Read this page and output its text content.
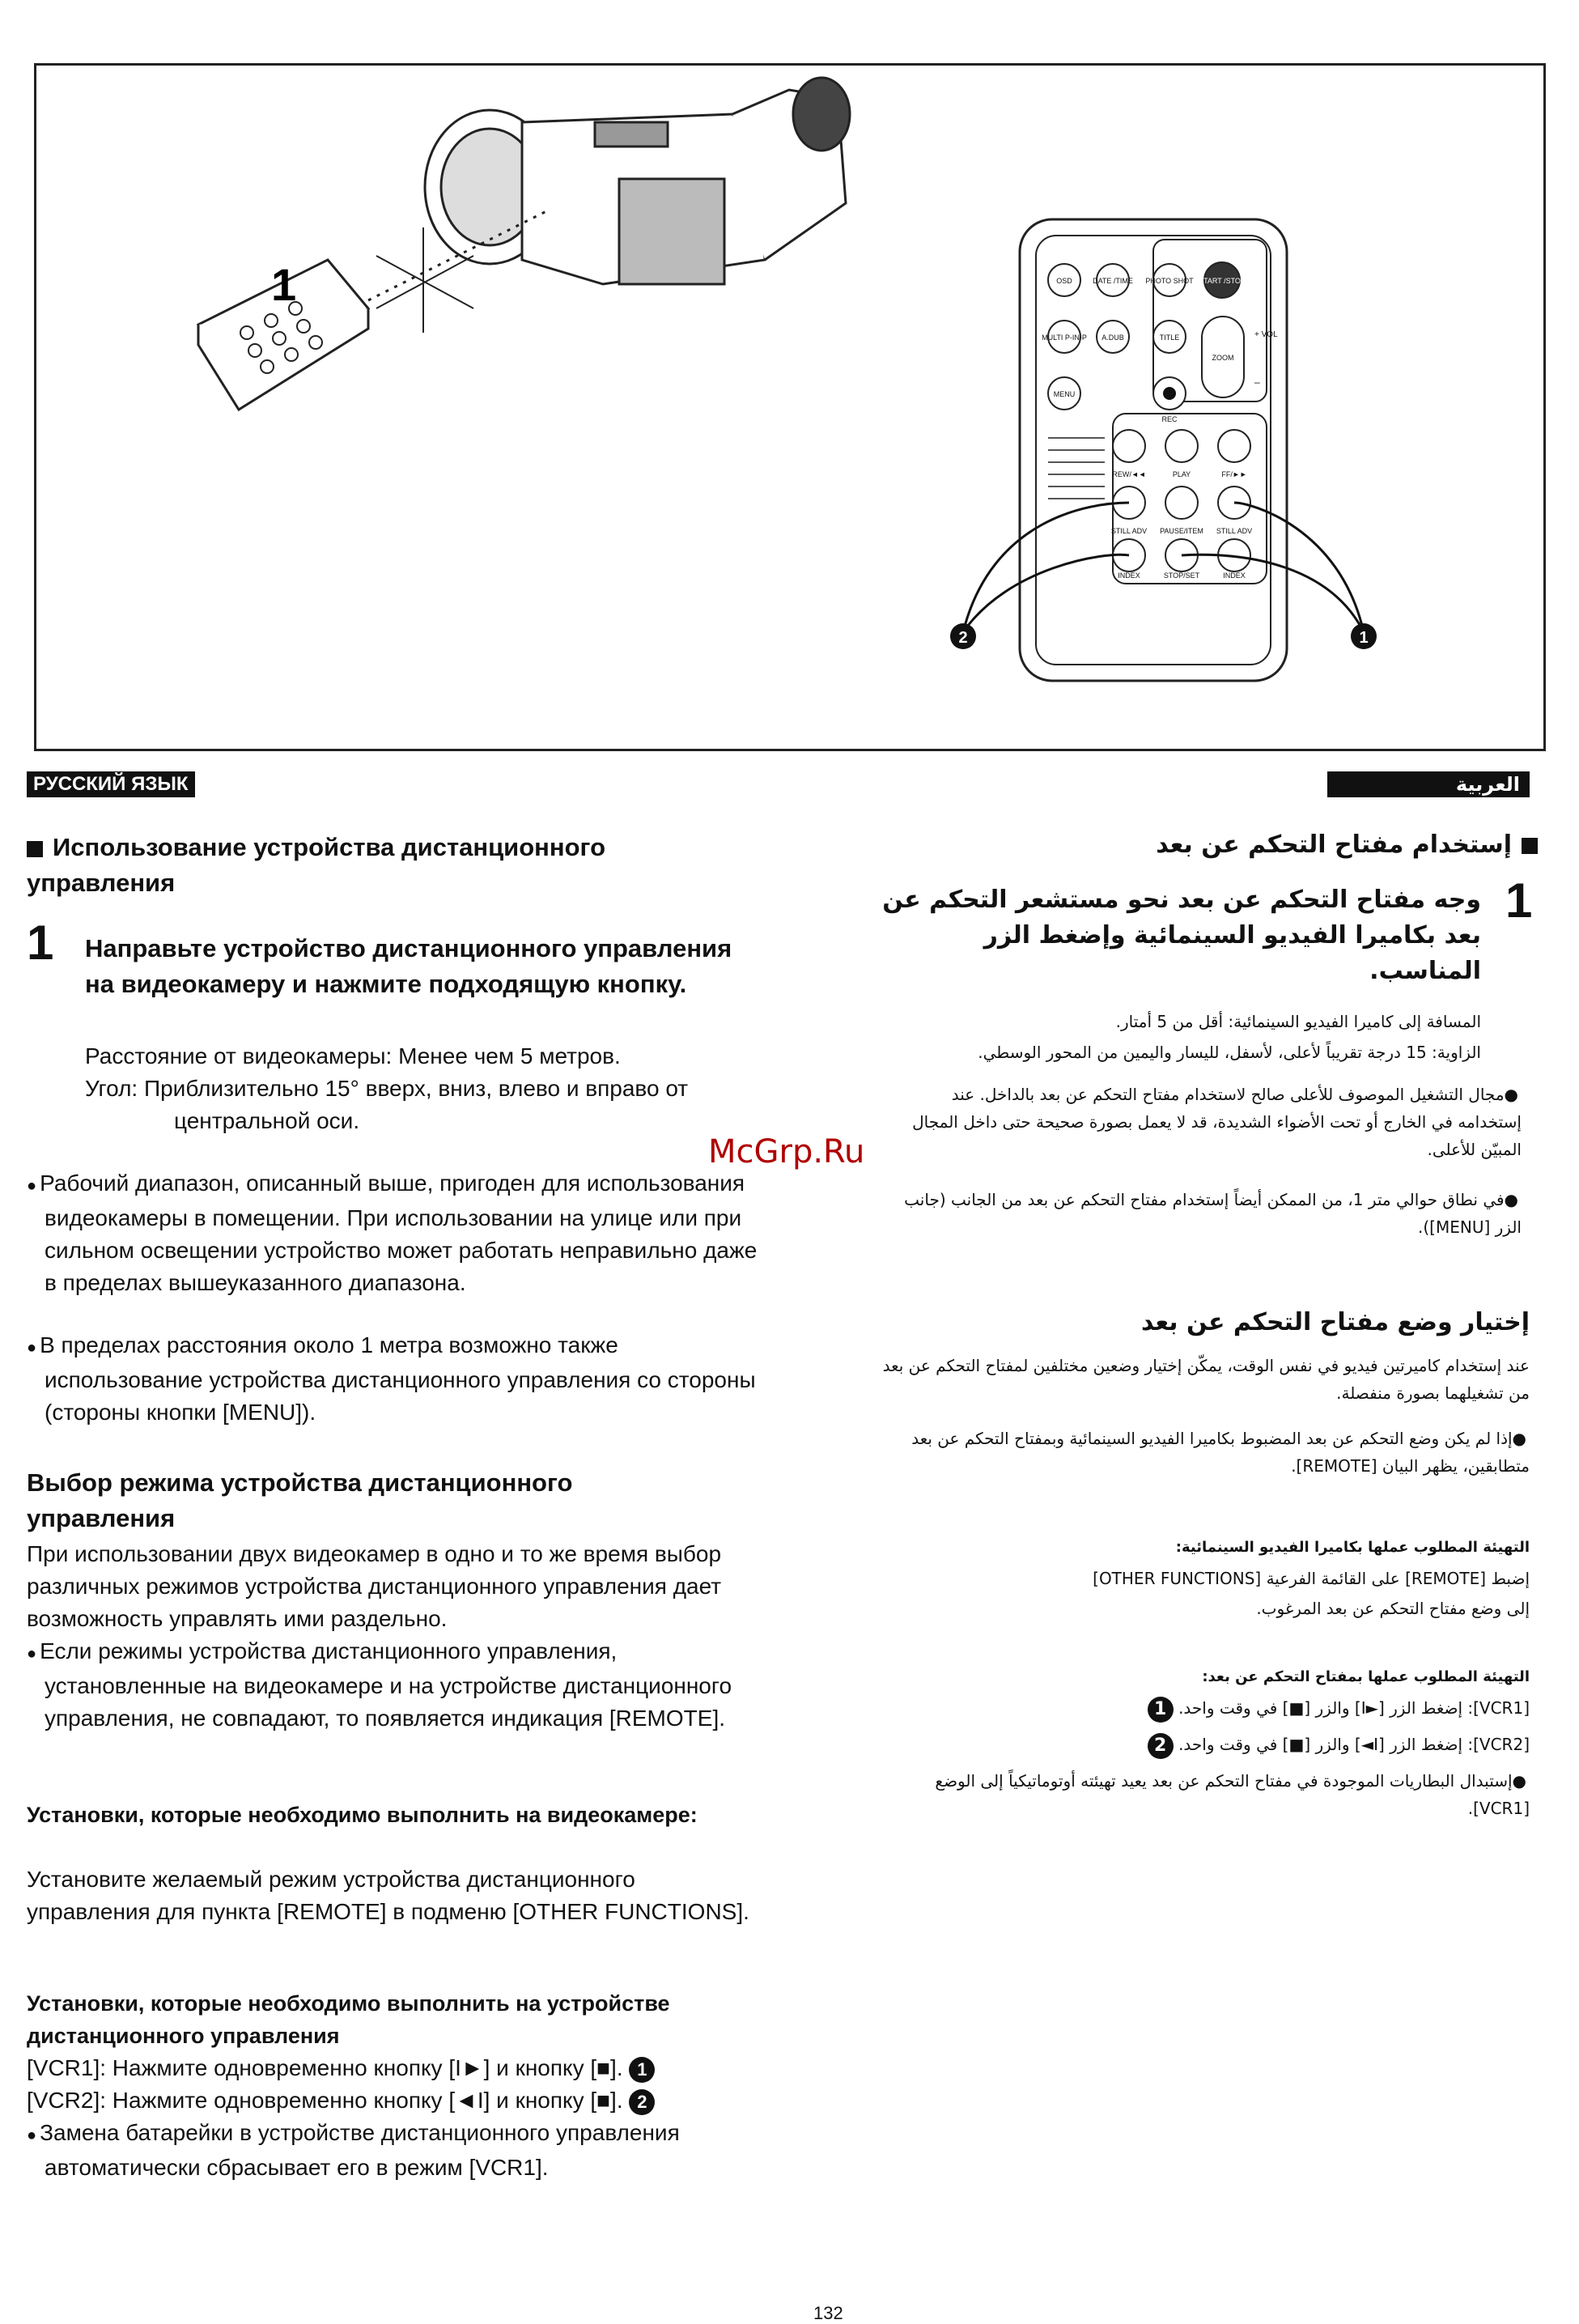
1	OSD	DATE /TIME PHOTO SHOT START /STOP
MULTI P-IN-P A.DUB	TITLE
ZOOM
+ VOL
–
MENU
REC
REW/◄◄	PLAY	FF/►►
STILL ADV PAUSE/ITEM STILL ADV
INDEX	STOP/SET	INDEX
2	1
McGrp.Ru
РУССКИЙ ЯЗЫК
Использование устройства дистанционного управления
1 Направьте устройство дистанционного управления на видеокамеру и нажмите подходящую кнопку.
Расстояние от видеокамеры: Менее чем 5 метров.
Угол: Приблизительно 15° вверх, вниз, влево и вправо от центральной оси.
● Рабочий диапазон, описанный выше, пригоден для использования видеокамеры в помещении. При использовании на улице или при сильном освещении устройство может работать неправильно даже в пределах вышеуказанного диапазона.
● В пределах расстояния около 1 метра возможно также использование устройства дистанционного управления со стороны (стороны кнопки [MENU]).
Выбор режима устройства дистанционного управления
При использовании двух видеокамер в одно и то же время выбор различных режимов устройства дистанционного управления дает возможность управлять ими раздельно.
● Если режимы устройства дистанционного управления, установленные на видеокамере и на устройстве дистанционного управления, не совпадают, то появляется индикация [REMOTE].
Установки, которые необходимо выполнить на видеокамере:
Установите желаемый режим устройства дистанционного управления для пункта [REMOTE] в подменю [OTHER FUNCTIONS].
Установки, которые необходимо выполнить на устройстве дистанционного управления
[VCR1]: Нажмите одновременно кнопку [I►] и кнопку [■]. 1
[VCR2]: Нажмите одновременно кнопку [◄I] и кнопку [■]. 2
● Замена батарейки в устройстве дистанционного управления автоматически сбрасывает его в режим [VCR1].
132
العربية
إستخدام مفتاح التحكم عن بعد
1
وجه مفتاح التحكم عن بعد نحو مستشعر التحكم عن بعد بكاميرا الفيديو السينمائية وإضغط الزر المناسب.
المسافة إلى كاميرا الفيديو السينمائية: أقل من 5 أمتار.
الزاوية: 15 درجة تقريباً لأعلى، لأسفل، لليسار واليمين من المحور الوسطي.
● مجال التشغيل الموصوف للأعلى صالح لاستخدام مفتاح التحكم عن بعد بالداخل. عند إستخدامه في الخارج أو تحت الأضواء الشديدة، قد لا يعمل بصورة صحيحة حتى داخل المجال المبيّن للأعلى.
● في نطاق حوالي متر 1، من الممكن أيضاً إستخدام مفتاح التحكم عن بعد من الجانب (جانب الزر [MENU]).
إختيار وضع مفتاح التحكم عن بعد
عند إستخدام كاميرتين فيديو في نفس الوقت، يمكّن إختيار وضعين مختلفين لمفتاح التحكم عن بعد من تشغيلهما بصورة منفصلة.
● إذا لم يكن وضع التحكم عن بعد المضبوط بكاميرا الفيديو السينمائية وبمفتاح التحكم عن بعد متطابقين، يظهر البيان [REMOTE].
التهيئة المطلوب عملها بكاميرا الفيديو السينمائية:
إضبط [REMOTE] على القائمة الفرعية [OTHER FUNCTIONS]
إلى وضع مفتاح التحكم عن بعد المرغوب.
التهيئة المطلوب عملها بمفتاح التحكم عن بعد:
[VCR1]: إضغط الزر [►I] والزر [■] في وقت واحد. 1
[VCR2]: إضغط الزر [I◄] والزر [■] في وقت واحد. 2
● إستبدال البطاريات الموجودة في مفتاح التحكم عن بعد يعيد تهيئته أوتوماتيكياً إلى الوضع [VCR1].
